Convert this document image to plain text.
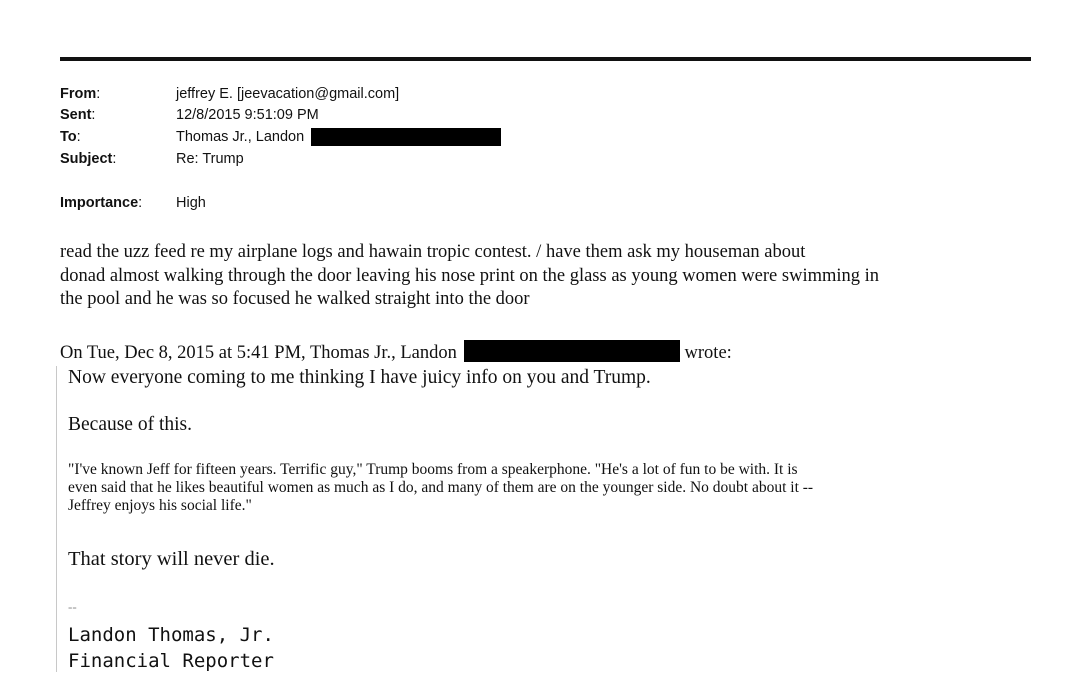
From:	jeffrey E. [jeevacation@gmail.com]
Sent:	12/8/2015 9:51:09 PM
To:	Thomas Jr., Landon
Subject:	Re: Trump
Importance: High
read the uzz feed re my airplane logs and hawain tropic contest. / have them ask my houseman about
donad almost walking through the door leaving his nose print on the glass as young women were swimming in
the pool and he was so focused he walked straight into the door
On Tue, Dec 8, 2015 at 5:41 PM, Thomas Jr., Landon	wrote:
Now everyone coming to me thinking I have juicy info on you and Trump.
Because of this.
"I've known Jeff for fifteen years. Terrific guy," Trump booms from a speakerphone. "He's a lot of fun to be with. It is
even said that he likes beautiful women as much as I do, and many of them are on the younger side. No doubt about it --
Jeffrey enjoys his social life."
That story will never die.
--
Landon Thomas, Jr.
Financial Reporter
